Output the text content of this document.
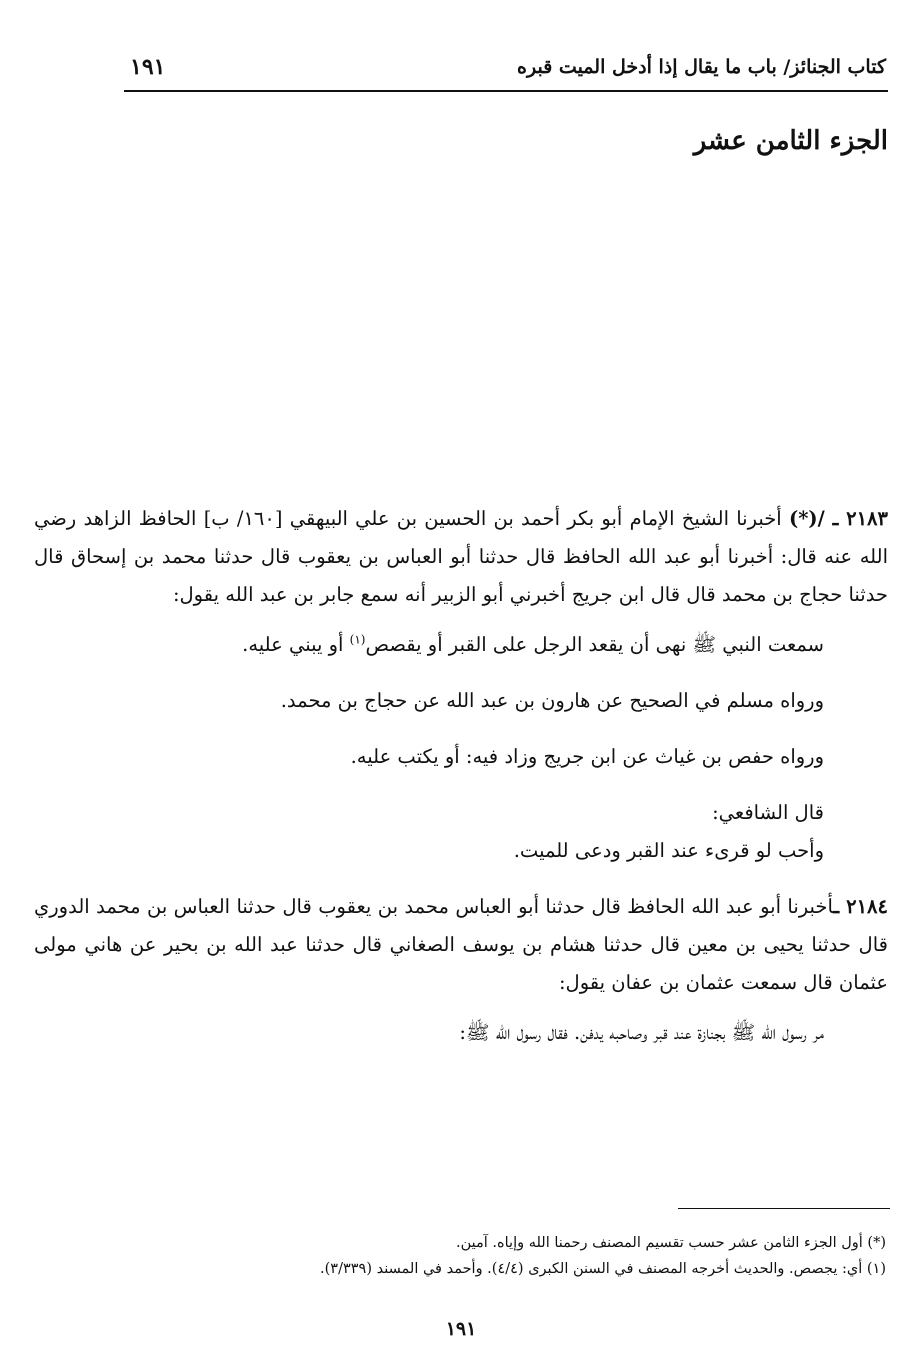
كتاب الجنائز/ باب ما يقال إذا أدخل الميت قبره
١٩١
الجزء الثامن عشر

٢١٨٣ ـ /(*) أخبرنا الشيخ الإمام أبو بكر أحمد بن الحسين بن علي البيهقي [١٦٠/ ب] الحافظ الزاهد رضي الله عنه قال: أخبرنا أبو عبد الله الحافظ قال حدثنا أبو العباس بن يعقوب قال حدثنا محمد بن إسحاق قال حدثنا حجاج بن محمد قال قال ابن جريج أخبرني أبو الزبير أنه سمع جابر بن عبد الله يقول:

سمعت النبي ﷺ نهى أن يقعد الرجل على القبر أو يقصص$^{(١)}$ أو يبني عليه.

ورواه مسلم في الصحيح عن هارون بن عبد الله عن حجاج بن محمد.

ورواه حفص بن غياث عن ابن جريج وزاد فيه: أو يكتب عليه.

قال الشافعي:

وأحب لو قرىء عند القبر ودعى للميت.

٢١٨٤ ـأخبرنا أبو عبد الله الحافظ قال حدثنا أبو العباس محمد بن يعقوب قال حدثنا العباس بن محمد الدوري قال حدثنا يحيى بن معين قال حدثنا هشام بن يوسف الصغاني قال حدثنا عبد الله بن بحير عن هاني مولى عثمان قال سمعت عثمان بن عفان يقول:

مر رسول الله ﷺ بجنازة عند قبر وصاحبه يدفن. فقال رسول الله ﷺ:

(*) أول الجزء الثامن عشر حسب تقسيم المصنف رحمنا الله وإياه. آمين.

(١) أي: يجصص. والحديث أخرجه المصنف في السنن الكبرى (٤/٤). وأحمد في المسند (٣/٣٣٩).

١٩١
